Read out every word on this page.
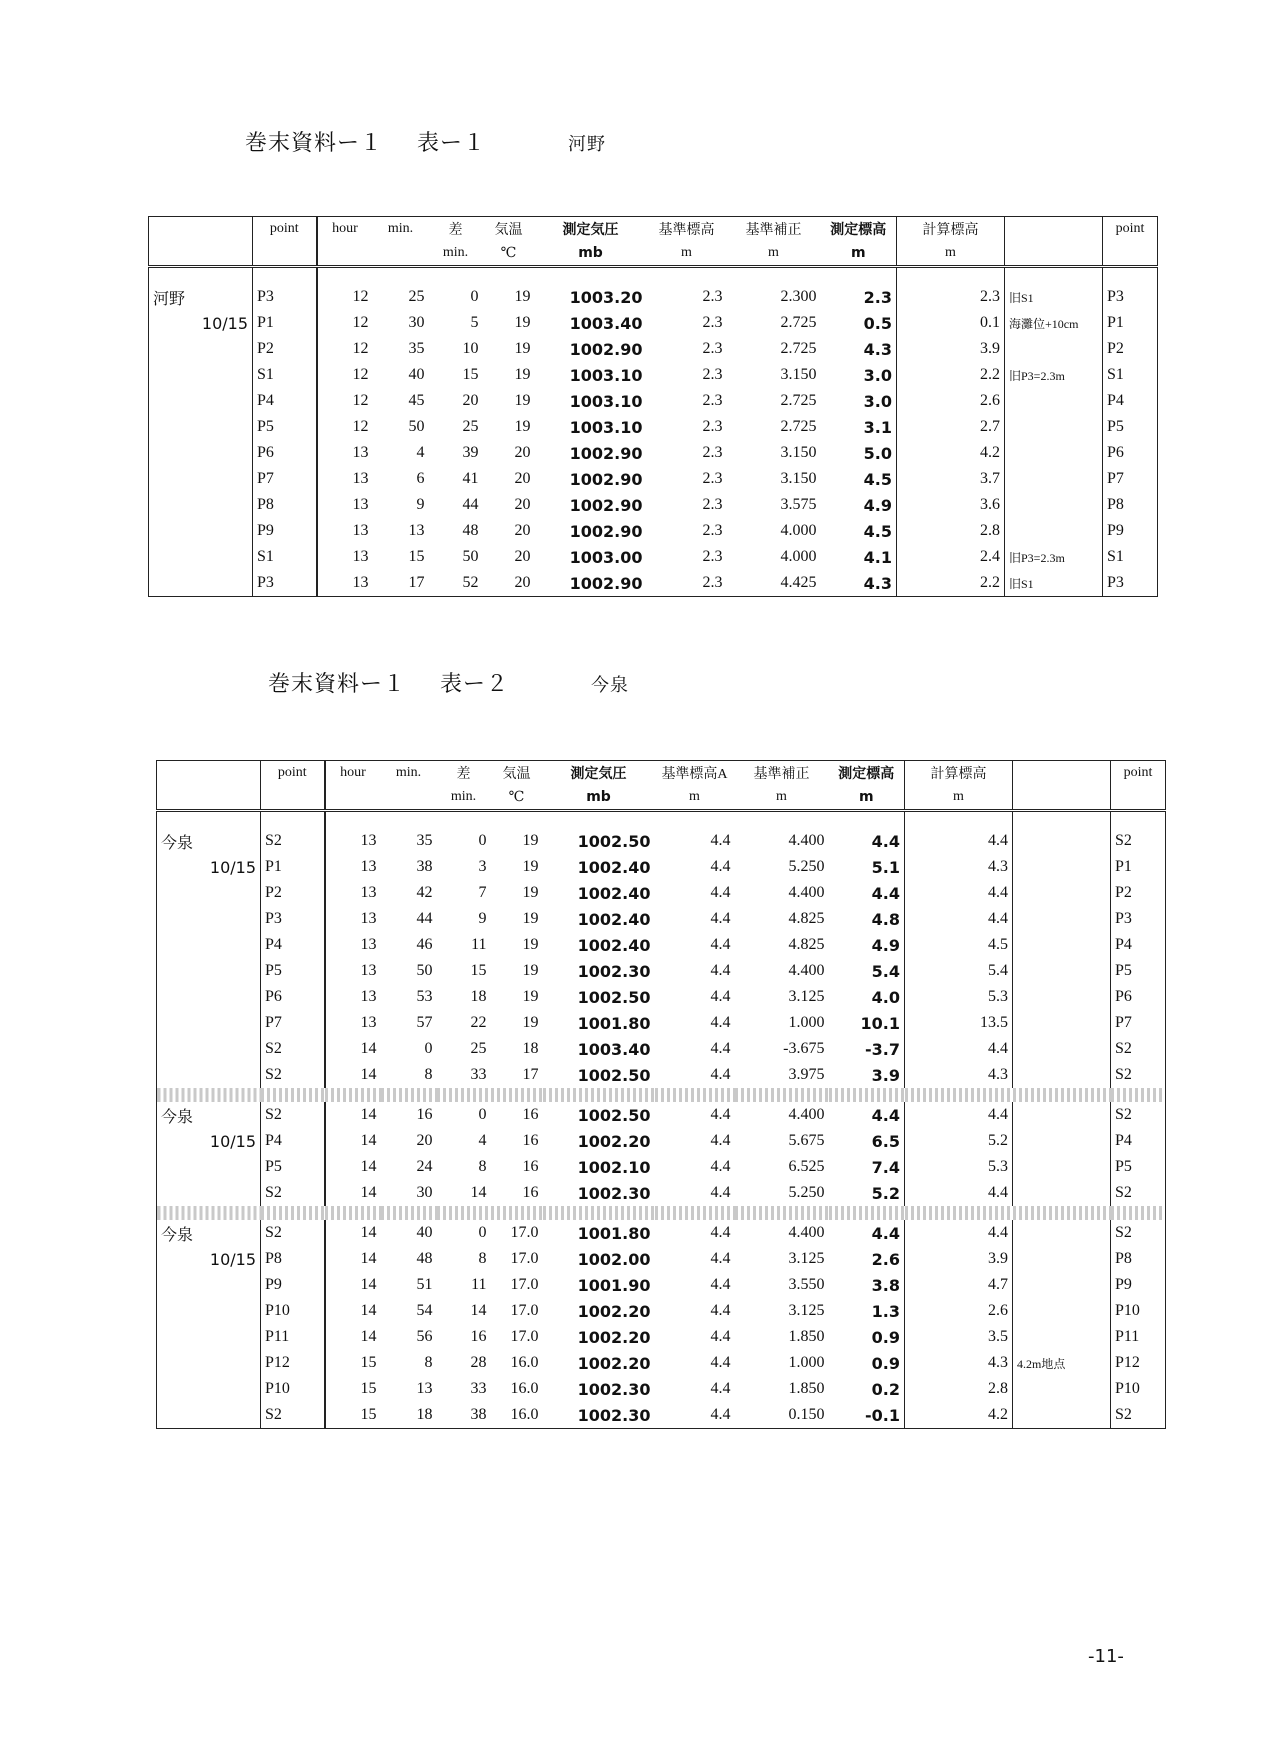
巻末資料ー１ 表ー１	河野
	point	hour	min.	差	気温	測定気圧	基準標高	基準補正	測定標高	計算標高		point
				min.	℃	mb	m	m	m	m		

河野	P3	12	25	0	19	1003.20	2.3	2.300	2.3	2.3	旧S1	P3
10/15	P1	12	30	5	19	1003.40	2.3	2.725	0.5	0.1	海灘位+10cm	P1
	P2	12	35	10	19	1002.90	2.3	2.725	4.3	3.9		P2
	S1	12	40	15	19	1003.10	2.3	3.150	3.0	2.2	旧P3=2.3m	S1
	P4	12	45	20	19	1003.10	2.3	2.725	3.0	2.6		P4
	P5	12	50	25	19	1003.10	2.3	2.725	3.1	2.7		P5
	P6	13	4	39	20	1002.90	2.3	3.150	5.0	4.2		P6
	P7	13	6	41	20	1002.90	2.3	3.150	4.5	3.7		P7
	P8	13	9	44	20	1002.90	2.3	3.575	4.9	3.6		P8
	P9	13	13	48	20	1002.90	2.3	4.000	4.5	2.8		P9
	S1	13	15	50	20	1003.00	2.3	4.000	4.1	2.4	旧P3=2.3m	S1
	P3	13	17	52	20	1002.90	2.3	4.425	4.3	2.2	旧S1	P3
巻末資料ー１ 表ー２	今泉
	point	hour	min.	差	気温	測定気圧	基準標高A	基準補正	測定標高	計算標高		point
				min.	℃	mb	m	m	m	m		

今泉	S2	13	35	0	19	1002.50	4.4	4.400	4.4	4.4		S2
10/15	P1	13	38	3	19	1002.40	4.4	5.250	5.1	4.3		P1
	P2	13	42	7	19	1002.40	4.4	4.400	4.4	4.4		P2
	P3	13	44	9	19	1002.40	4.4	4.825	4.8	4.4		P3
	P4	13	46	11	19	1002.40	4.4	4.825	4.9	4.5		P4
	P5	13	50	15	19	1002.30	4.4	4.400	5.4	5.4		P5
	P6	13	53	18	19	1002.50	4.4	3.125	4.0	5.3		P6
	P7	13	57	22	19	1001.80	4.4	1.000	10.1	13.5		P7
	S2	14	0	25	18	1003.40	4.4	-3.675	-3.7	4.4		S2
	S2	14	8	33	17	1002.50	4.4	3.975	3.9	4.3		S2

今泉	S2	14	16	0	16	1002.50	4.4	4.400	4.4	4.4		S2
10/15	P4	14	20	4	16	1002.20	4.4	5.675	6.5	5.2		P4
	P5	14	24	8	16	1002.10	4.4	6.525	7.4	5.3		P5
	S2	14	30	14	16	1002.30	4.4	5.250	5.2	4.4		S2

今泉	S2	14	40	0	17.0	1001.80	4.4	4.400	4.4	4.4		S2
10/15	P8	14	48	8	17.0	1002.00	4.4	3.125	2.6	3.9		P8
	P9	14	51	11	17.0	1001.90	4.4	3.550	3.8	4.7		P9
	P10	14	54	14	17.0	1002.20	4.4	3.125	1.3	2.6		P10
	P11	14	56	16	17.0	1002.20	4.4	1.850	0.9	3.5		P11
	P12	15	8	28	16.0	1002.20	4.4	1.000	0.9	4.3	4.2m地点	P12
	P10	15	13	33	16.0	1002.30	4.4	1.850	0.2	2.8		P10
	S2	15	18	38	16.0	1002.30	4.4	0.150	-0.1	4.2		S2
-11-
